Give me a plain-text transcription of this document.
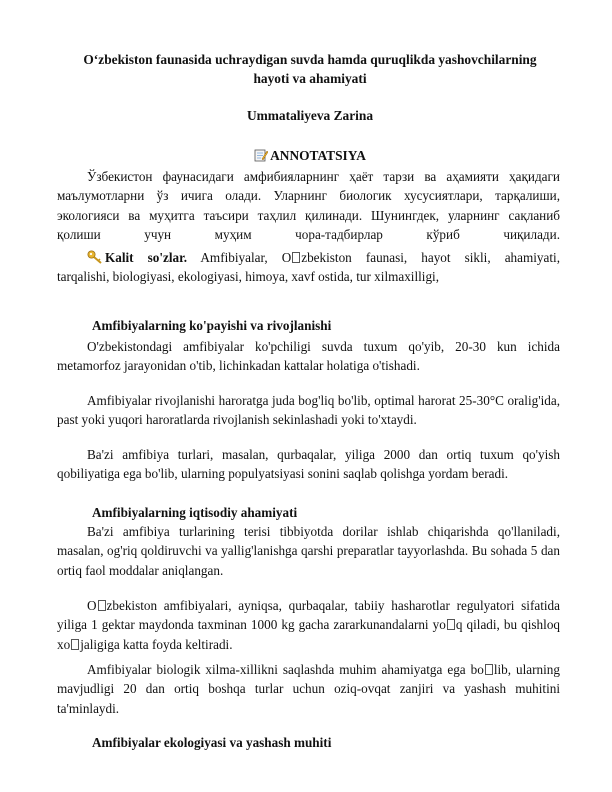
O‘zbekiston faunasida uchraydigan suvda hamda quruqlikda yashovchilarning
hayoti va ahamiyati
Ummataliyeva Zarina
ANNOTATSIYA
Ўзбекистон фаунасидаги амфибияларнинг ҳаёт тарзи ва аҳамияти ҳақидаги
маълумотларни ўз ичига олади. Уларнинг биологик хусусиятлари, тарқалиши,
экологияси ва муҳитга таъсири таҳлил қилинади. Шунингдек, уларнинг сақланиб
қолиши учун муҳим чора-тадбирлар кўриб чиқилади.
Kalit so'zlar. Amfibiyalar, O zbekiston faunasi, hayot sikli, ahamiyati,
tarqalishi, biologiyasi, ekologiyasi, himoya, xavf ostida, tur xilmaxilligi,
Amfibiyalarning ko'payishi va rivojlanishi
O'zbekistondagi amfibiyalar ko'pchiligi suvda tuxum qo'yib, 20-30 kun ichida metamorfoz jarayonidan o'tib, lichinkadan kattalar holatiga o'tishadi.
Amfibiyalar rivojlanishi haroratga juda bog'liq bo'lib, optimal harorat 25-30°C oralig'ida, past yoki yuqori haroratlarda rivojlanish sekinlashadi yoki to'xtaydi.
Ba'zi amfibiya turlari, masalan, qurbaqalar, yiliga 2000 dan ortiq tuxum qo'yish qobiliyatiga ega bo'lib, ularning populyatsiyasi sonini saqlab qolishga yordam beradi.
Amfibiyalarning iqtisodiy ahamiyati
Ba'zi amfibiya turlarining terisi tibbiyotda dorilar ishlab chiqarishda qo'llaniladi, masalan, og'riq qoldiruvchi va yallig'lanishga qarshi preparatlar tayyorlashda. Bu sohada 5 dan ortiq faol moddalar aniqlangan.
O zbekiston amfibiyalari, ayniqsa, qurbaqalar, tabiiy hasharotlar regulyatori sifatida yiliga 1 gektar maydonda taxminan 1000 kg gacha zararkunandalarni yo q qiladi, bu qishloq xo jaligiga katta foyda keltiradi.
Amfibiyalar biologik xilma-xillikni saqlashda muhim ahamiyatga ega bo lib, ularning mavjudligi 20 dan ortiq boshqa turlar uchun oziq-ovqat zanjiri va yashash muhitini ta'minlaydi.
Amfibiyalar ekologiyasi va yashash muhiti
